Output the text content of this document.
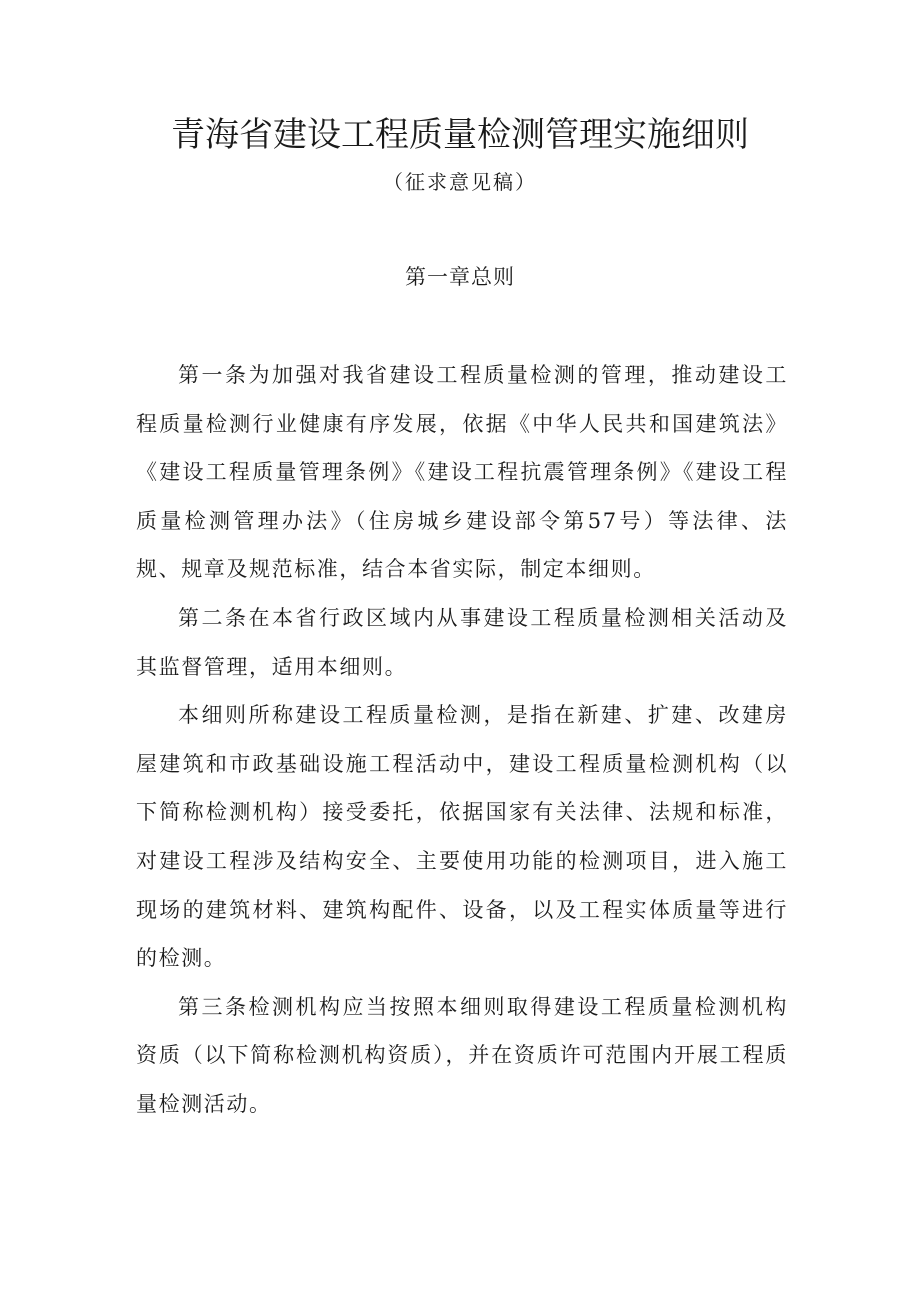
青海省建设工程质量检测管理实施细则
（征求意见稿）
第一章总则

第一条为加强对我省建设工程质量检测的管理，推动建设工程质量检测行业健康有序发展，依据《中华人民共和国建筑法》《建设工程质量管理条例》《建设工程抗震管理条例》《建设工程质量检测管理办法》（住房城乡建设部令第57号）等法律、法规、规章及规范标准，结合本省实际，制定本细则。

第二条在本省行政区域内从事建设工程质量检测相关活动及其监督管理，适用本细则。

本细则所称建设工程质量检测，是指在新建、扩建、改建房屋建筑和市政基础设施工程活动中，建设工程质量检测机构（以下简称检测机构）接受委托，依据国家有关法律、法规和标准，对建设工程涉及结构安全、主要使用功能的检测项目，进入施工现场的建筑材料、建筑构配件、设备，以及工程实体质量等进行的检测。

第三条检测机构应当按照本细则取得建设工程质量检测机构资质（以下简称检测机构资质），并在资质许可范围内开展工程质量检测活动。
